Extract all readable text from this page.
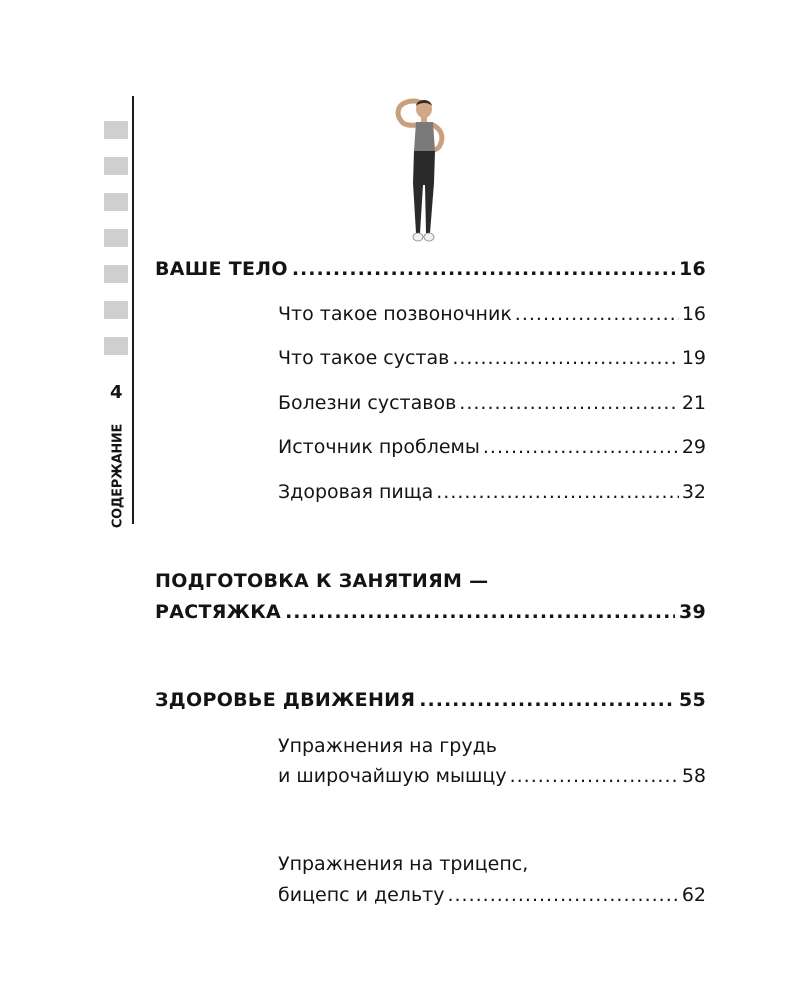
4
СОДЕРЖАНИЕ
ВАШЕ ТЕЛО .....	16
Что такое позвоночник .....	16
Что такое сустав .....	19
Болезни суставов .....	21
Источник проблемы .....	29
Здоровая пища .....	32
ПОДГОТОВКА К ЗАНЯТИЯМ —
РАСТЯЖКА .....	39
ЗДОРОВЬЕ ДВИЖЕНИЯ .....	55
Упражнения на грудь
и широчайшую мышцу .....	58
Упражнения на трицепс,
бицепс и дельту .....	62
